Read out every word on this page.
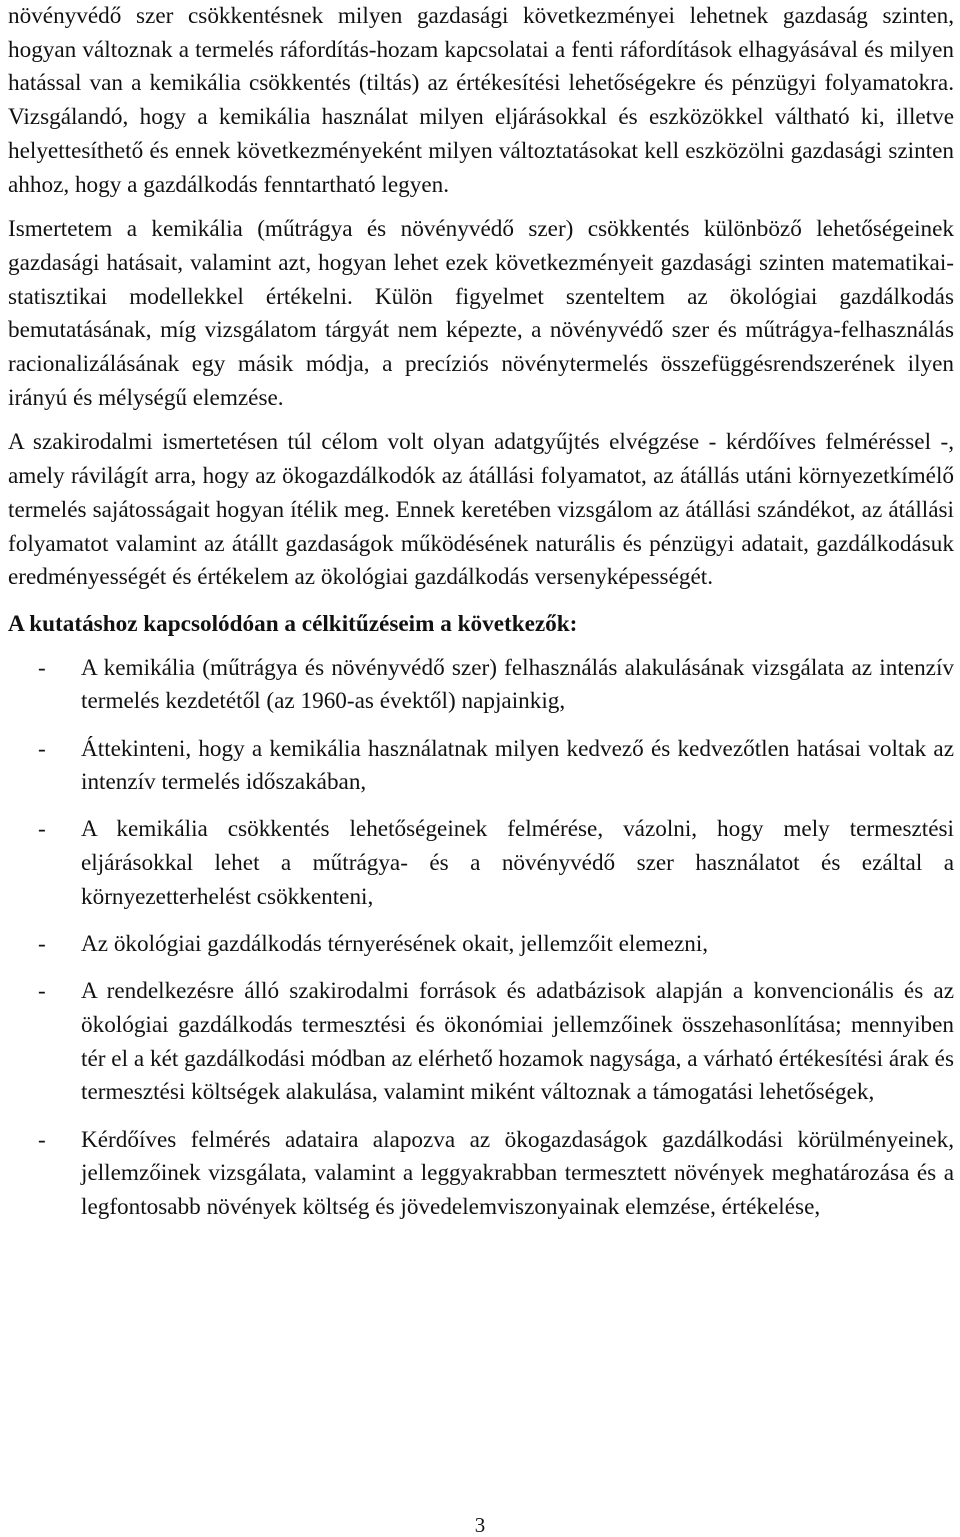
növényvédő szer csökkentésnek milyen gazdasági következményei lehetnek gazdaság szinten, hogyan változnak a termelés ráfordítás-hozam kapcsolatai a fenti ráfordítások elhagyásával és milyen hatással van a kemikália csökkentés (tiltás) az értékesítési lehetőségekre és pénzügyi folyamatokra. Vizsgálandó, hogy a kemikália használat milyen eljárásokkal és eszközökkel váltható ki, illetve helyettesíthető és ennek következményeként milyen változtatásokat kell eszközölni gazdasági szinten ahhoz, hogy a gazdálkodás fenntartható legyen.

Ismertetem a kemikália (műtrágya és növényvédő szer) csökkentés különböző lehetőségeinek gazdasági hatásait, valamint azt, hogyan lehet ezek következményeit gazdasági szinten matematikai-statisztikai modellekkel értékelni. Külön figyelmet szenteltem az ökológiai gazdálkodás bemutatásának, míg vizsgálatom tárgyát nem képezte, a növényvédő szer és műtrágya-felhasználás racionalizálásának egy másik módja, a precíziós növénytermelés összefüggésrendszerének ilyen irányú és mélységű elemzése.

A szakirodalmi ismertetésen túl célom volt olyan adatgyűjtés elvégzése - kérdőíves felméréssel -, amely rávilágít arra, hogy az ökogazdálkodók az átállási folyamatot, az átállás utáni környezetkímélő termelés sajátosságait hogyan ítélik meg. Ennek keretében vizsgálom az átállási szándékot, az átállási folyamatot valamint az átállt gazdaságok működésének naturális és pénzügyi adatait, gazdálkodásuk eredményességét és értékelem az ökológiai gazdálkodás versenyképességét.

A kutatáshoz kapcsolódóan a célkitűzéseim a következők:
- A kemikália (műtrágya és növényvédő szer) felhasználás alakulásának vizsgálata az intenzív termelés kezdetétől (az 1960-as évektől) napjainkig,
- Áttekinteni, hogy a kemikália használatnak milyen kedvező és kedvezőtlen hatásai voltak az intenzív termelés időszakában,
- A kemikália csökkentés lehetőségeinek felmérése, vázolni, hogy mely termesztési eljárásokkal lehet a műtrágya- és a növényvédő szer használatot és ezáltal a környezetterhelést csökkenteni,
- Az ökológiai gazdálkodás térnyerésének okait, jellemzőit elemezni,
- A rendelkezésre álló szakirodalmi források és adatbázisok alapján a konvencionális és az ökológiai gazdálkodás termesztési és ökonómiai jellemzőinek összehasonlítása; mennyiben tér el a két gazdálkodási módban az elérhető hozamok nagysága, a várható értékesítési árak és termesztési költségek alakulása, valamint miként változnak a támogatási lehetőségek,
- Kérdőíves felmérés adataira alapozva az ökogazdaságok gazdálkodási körülményeinek, jellemzőinek vizsgálata, valamint a leggyakrabban termesztett növények meghatározása és a legfontosabb növények költség és jövedelemviszonyainak elemzése, értékelése,
3
